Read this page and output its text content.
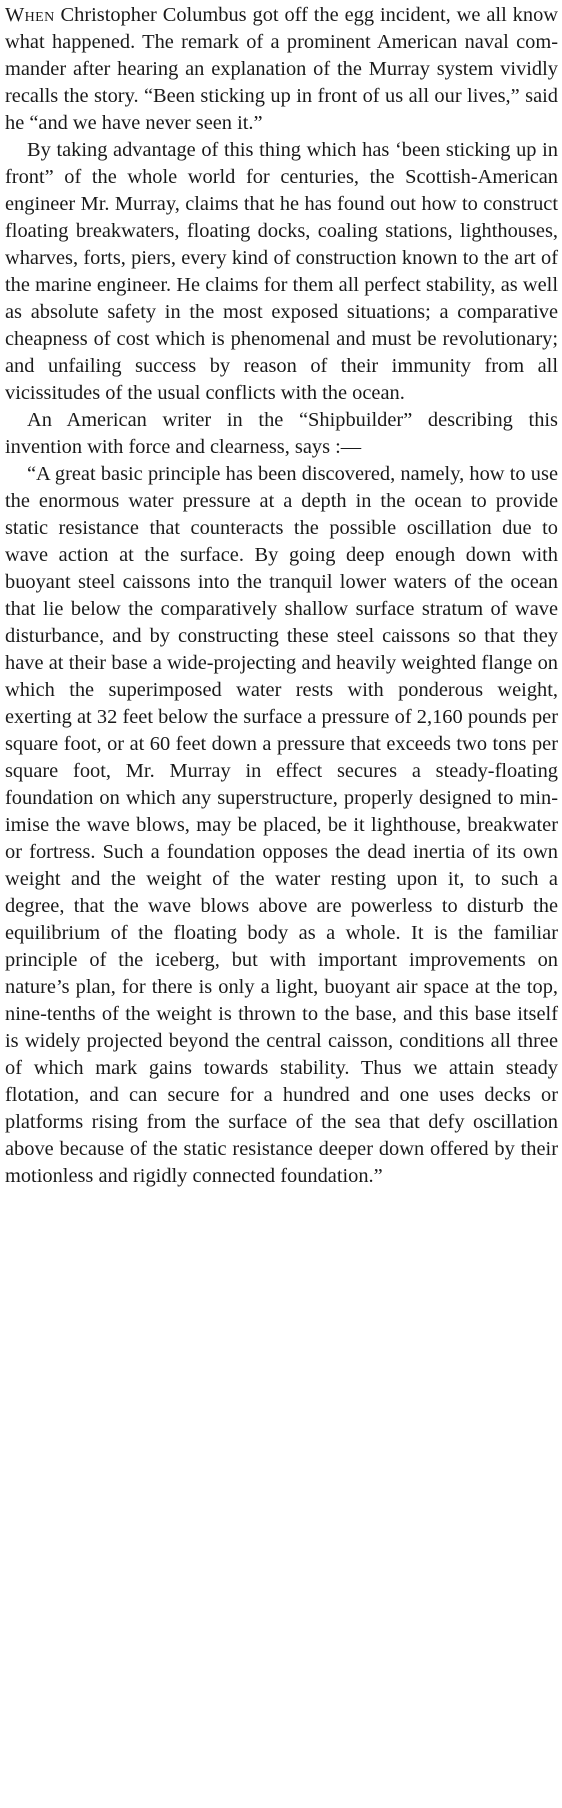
When Christopher Columbus got off the egg incident, we all know what happened. The remark of a prominent American naval commander after hearing an explanation of the Murray system vividly recalls the story. “Been sticking up in front of us all our lives,” said he “and we have never seen it.”

By taking advantage of this thing which has ‘been sticking up in front” of the whole world for centuries, the Scottish-American engineer Mr. Murray, claims that he has found out how to construct floating breakwaters, floating docks, coaling stations, lighthouses, wharves, forts, piers, every kind of construction known to the art of the marine engineer. He claims for them all perfect stability, as well as absolute safety in the most exposed situations; a comparative cheapness of cost which is phenomenal and must be revolutionary; and unfailing success by reason of their immunity from all vicissitudes of the usual conflicts with the ocean.

An American writer in the “Shipbuilder” describing this invention with force and clearness, says :—

“A great basic principle has been discovered, namely, how to use the enormous water pressure at a depth in the ocean to provide static resistance that counteracts the possible oscillation due to wave action at the surface. By going deep enough down with buoyant steel caissons into the tranquil lower waters of the ocean that lie below the comparatively shallow surface stratum of wave disturbance, and by constructing these steel caissons so that they have at their base a wide-projecting and heavily weighted flange on which the superimposed water rests with ponderous weight, exerting at 32 feet below the surface a pressure of 2,160 pounds per square foot, or at 60 feet down a pressure that exceeds two tons per square foot, Mr. Murray in effect secures a steady-floating foundation on which any superstructure, properly designed to minimise the wave blows, may be placed, be it lighthouse, breakwater or fortress. Such a foundation opposes the dead inertia of its own weight and the weight of the water resting upon it, to such a degree, that the wave blows above are powerless to disturb the equilibrium of the floating body as a whole. It is the familiar principle of the iceberg, but with important improvements on nature’s plan, for there is only a light, buoyant air space at the top, nine-tenths of the weight is thrown to the base, and this base itself is widely projected beyond the central caisson, conditions all three of which mark gains towards stability. Thus we attain steady flotation, and can secure for a hundred and one uses decks or platforms rising from the surface of the sea that defy oscillation above because of the static resistance deeper down offered by their motionless and rigidly connected foundation.”
